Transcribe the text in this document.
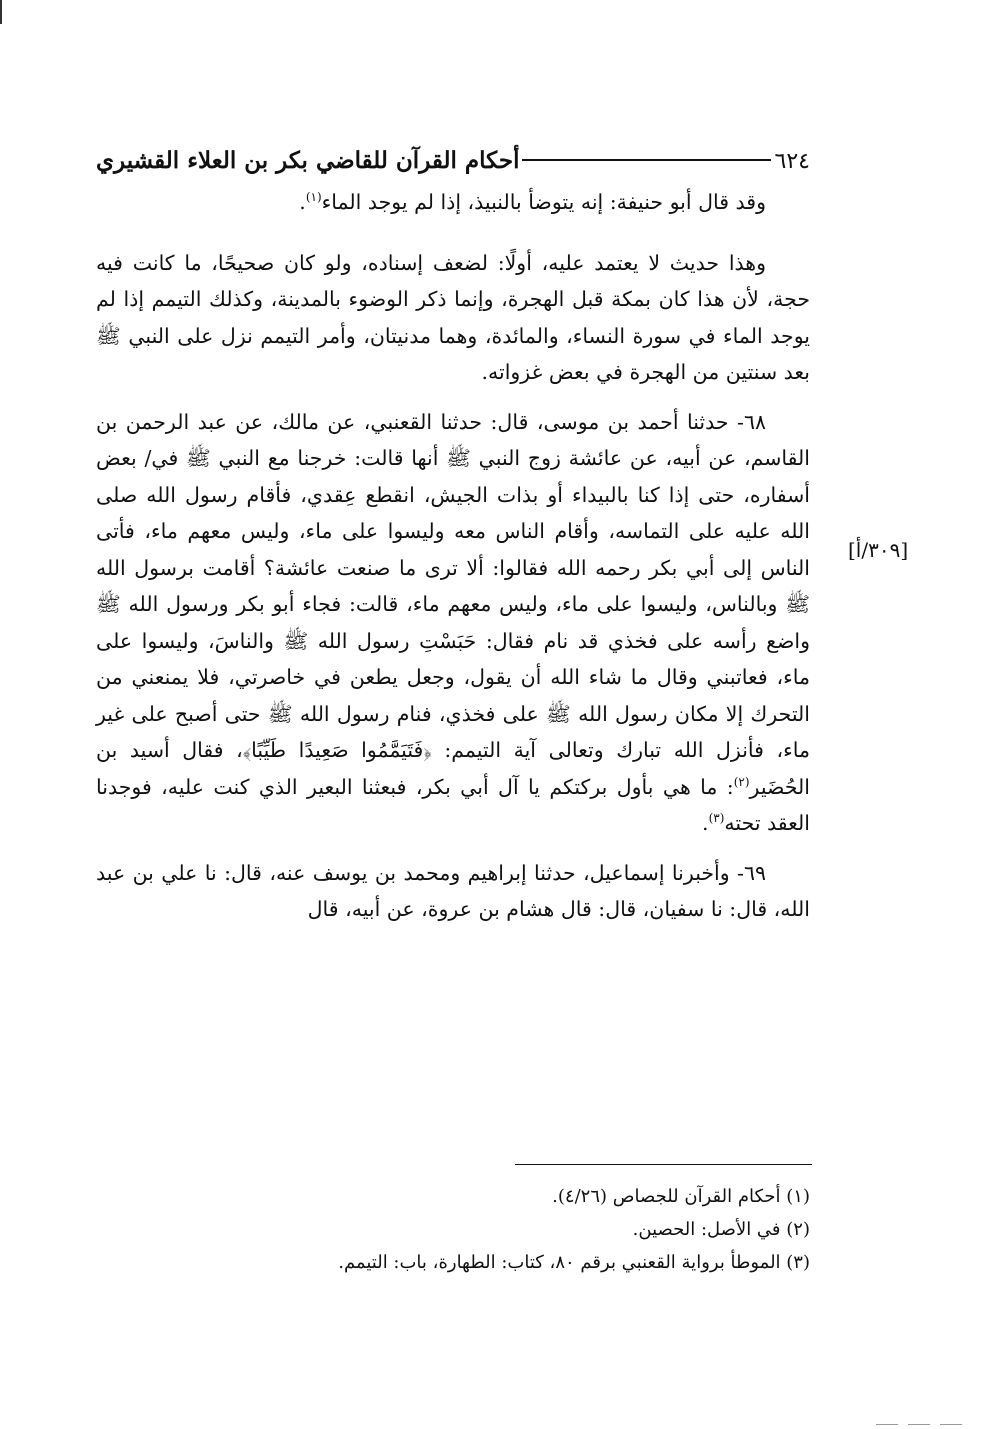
٦٢٤
أحكام القرآن للقاضي بكر بن العلاء القشيري

وقد قال أبو حنيفة: إنه يتوضأ بالنبيذ، إذا لم يوجد الماء$^{(١)}$.

وهذا حديث لا يعتمد عليه، أولًا: لضعف إسناده، ولو كان صحيحًا، ما كانت فيه حجة، لأن هذا كان بمكة قبل الهجرة، وإنما ذكر الوضوء بالمدينة، وكذلك التيمم إذا لم يوجد الماء في سورة النساء، والمائدة، وهما مدنيتان، وأمر التيمم نزل على النبي ﷺ بعد سنتين من الهجرة في بعض غزواته.

٦٨- حدثنا أحمد بن موسى، قال: حدثنا القعنبي، عن مالك، عن عبد الرحمن بن القاسم، عن أبيه، عن عائشة زوج النبي ﷺ أنها قالت: خرجنا مع النبي ﷺ في/ بعض أسفاره، حتى إذا كنا بالبيداء أو بذات الجيش، انقطع عِقدي، فأقام رسول الله صلى الله عليه على التماسه، وأقام الناس معه وليسوا على ماء، وليس معهم ماء، فأتى الناس إلى أبي بكر رحمه الله فقالوا: ألا ترى ما صنعت عائشة؟ أقامت برسول الله ﷺ وبالناس، وليسوا على ماء، وليس معهم ماء، قالت: فجاء أبو بكر ورسول الله ﷺ واضع رأسه على فخذي قد نام فقال: حَبَسْتِ رسول الله ﷺ والناسَ، وليسوا على ماء، فعاتبني وقال ما شاء الله أن يقول، وجعل يطعن في خاصرتي، فلا يمنعني من التحرك إلا مكان رسول الله ﷺ على فخذي، فنام رسول الله ﷺ حتى أصبح على غير ماء، فأنزل الله تبارك وتعالى آية التيمم: ﴿فَتَيَمَّمُوا صَعِيدًا طَيِّبًا﴾، فقال أسيد بن الحُضَير$^{(٢)}$: ما هي بأول بركتكم يا آل أبي بكر، فبعثنا البعير الذي كنت عليه، فوجدنا العقد تحته$^{(٣)}$.

٦٩- وأخبرنا إسماعيل، حدثنا إبراهيم ومحمد بن يوسف عنه، قال: نا علي بن عبد الله، قال: نا سفيان، قال: قال هشام بن عروة، عن أبيه، قال

[٣٠٩/أ]

(١) أحكام القرآن للجصاص (٤/٢٦).

(٢) في الأصل: الحصين.

(٣) الموطأ برواية القعنبي برقم ٨٠، كتاب: الطهارة، باب: التيمم.
